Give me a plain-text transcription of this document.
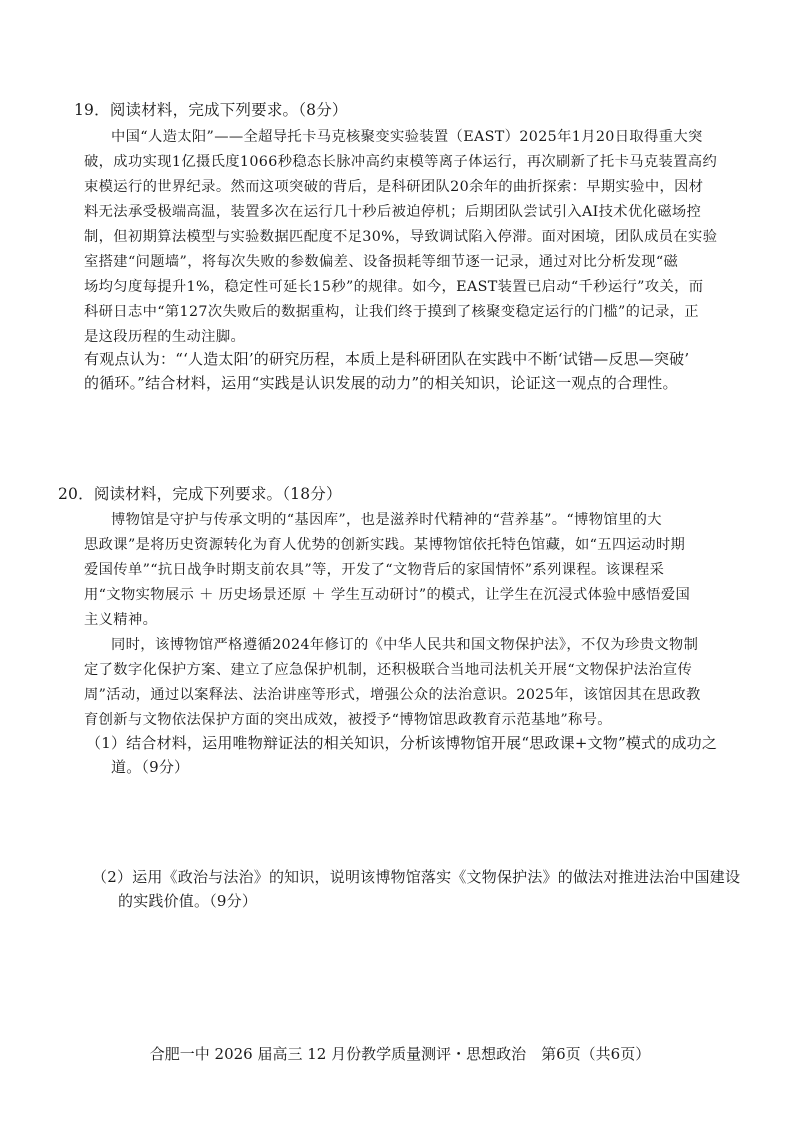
19．阅读材料，完成下列要求。（8分）
中国“人造太阳”——全超导托卡马克核聚变实验装置（EAST）2025年1月20日取得重大突
破，成功实现1亿摄氏度1066秒稳态长脉冲高约束模等离子体运行，再次刷新了托卡马克装置高约
束模运行的世界纪录。然而这项突破的背后，是科研团队20余年的曲折探索：早期实验中，因材
料无法承受极端高温，装置多次在运行几十秒后被迫停机；后期团队尝试引入AI技术优化磁场控
制，但初期算法模型与实验数据匹配度不足30%，导致调试陷入停滞。面对困境，团队成员在实验
室搭建“问题墙”，将每次失败的参数偏差、设备损耗等细节逐一记录，通过对比分析发现“磁
场均匀度每提升1%，稳定性可延长15秒”的规律。如今，EAST装置已启动“千秒运行”攻关，而
科研日志中“第127次失败后的数据重构，让我们终于摸到了核聚变稳定运行的门槛”的记录，正
是这段历程的生动注脚。
有观点认为：“‘人造太阳’的研究历程，本质上是科研团队在实践中不断‘试错—反思—突破’
的循环。”结合材料，运用“实践是认识发展的动力”的相关知识，论证这一观点的合理性。
20．阅读材料，完成下列要求。（18分）
博物馆是守护与传承文明的“基因库”，也是滋养时代精神的“营养基”。“博物馆里的大
思政课”是将历史资源转化为育人优势的创新实践。某博物馆依托特色馆藏，如“五四运动时期
爱国传单”“抗日战争时期支前农具”等，开发了“文物背后的家国情怀”系列课程。该课程采
用“文物实物展示 ＋ 历史场景还原 ＋ 学生互动研讨”的模式，让学生在沉浸式体验中感悟爱国
主义精神。
同时，该博物馆严格遵循2024年修订的《中华人民共和国文物保护法》，不仅为珍贵文物制
定了数字化保护方案、建立了应急保护机制，还积极联合当地司法机关开展“文物保护法治宣传
周”活动，通过以案释法、法治讲座等形式，增强公众的法治意识。2025年，该馆因其在思政教
育创新与文物依法保护方面的突出成效，被授予“博物馆思政教育示范基地”称号。
（1）结合材料，运用唯物辩证法的相关知识，分析该博物馆开展“思政课+文物”模式的成功之
道。（9分）
（2）运用《政治与法治》的知识，说明该博物馆落实《文物保护法》的做法对推进法治中国建设
的实践价值。（9分）
合肥一中 2026 届高三 12 月份教学质量测评・思想政治　第6页（共6页）
